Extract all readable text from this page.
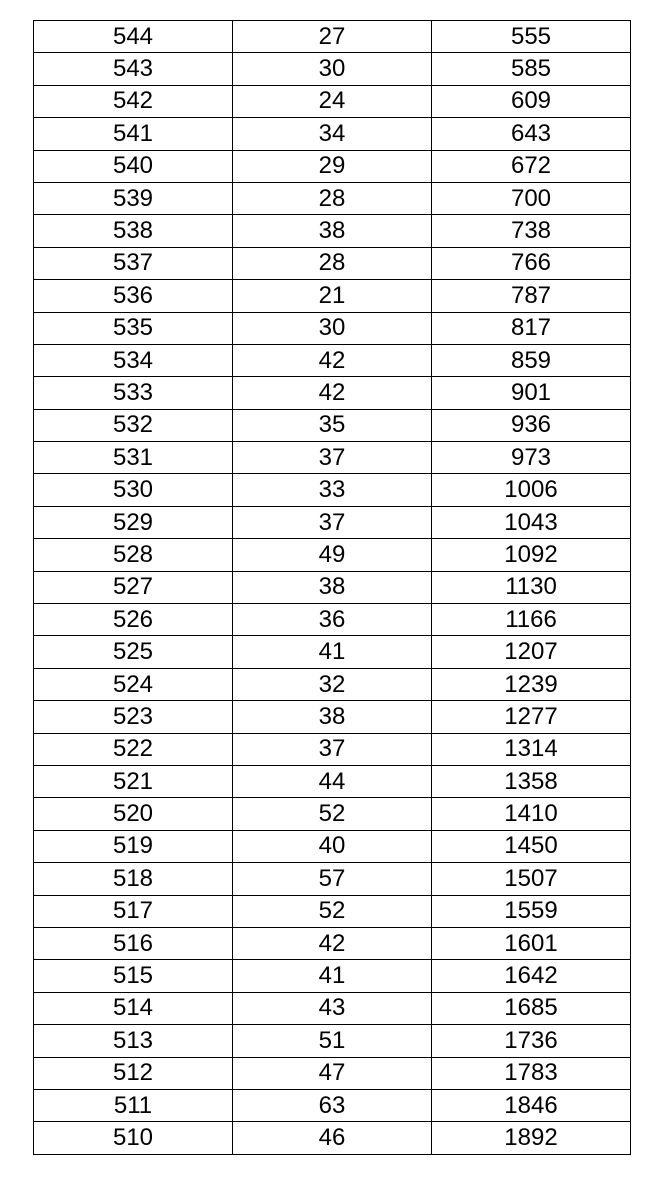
544	27	555
543	30	585
542	24	609
541	34	643
540	29	672
539	28	700
538	38	738
537	28	766
536	21	787
535	30	817
534	42	859
533	42	901
532	35	936
531	37	973
530	33	1006
529	37	1043
528	49	1092
527	38	1130
526	36	1166
525	41	1207
524	32	1239
523	38	1277
522	37	1314
521	44	1358
520	52	1410
519	40	1450
518	57	1507
517	52	1559
516	42	1601
515	41	1642
514	43	1685
513	51	1736
512	47	1783
511	63	1846
510	46	1892
